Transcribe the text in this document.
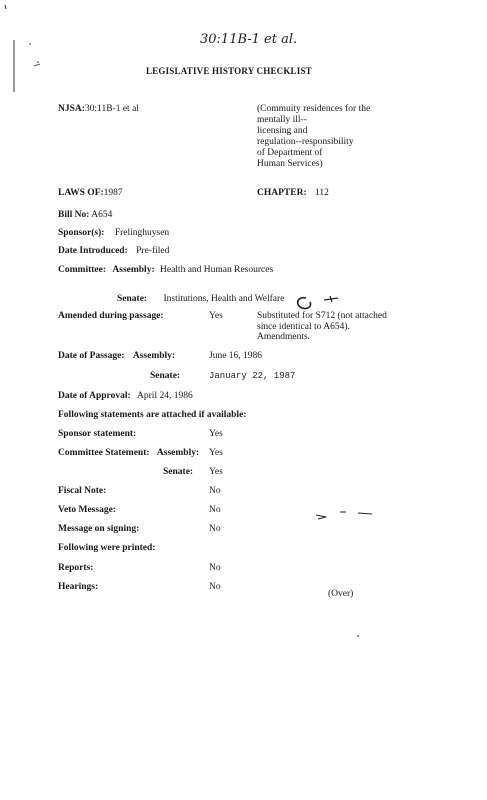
30:11B-1 et al.
LEGISLATIVE HISTORY CHECKLIST
NJSA:30:11B-1 et al	(Commuity residences for the
mentally ill--
licensing and
regulation--responsibility
of Department of
Human Services)
LAWS OF:1987	CHAPTER: 112
Bill No: A654
Sponsor(s): Frelinghuysen
Date Introduced: Pre-filed
Committee: Assembly: Health and Human Resources
Senate: Institutions, Health and Welfare
Amended during passage:	Yes	Substituted for S712 (not attached
since identical to A654).
Amendments.
Date of Passage: Assembly:	June 16, 1986
Senate:	January 22, 1987
Date of Approval: April 24, 1986
Following statements are attached if available:
Sponsor statement:	Yes
Committee Statement: Assembly: Yes
Senate: Yes
Fiscal Note:	No
Veto Message:	No
Message on signing:	No
Following were printed:
Reports:	No
Hearings:	No
(Over)
